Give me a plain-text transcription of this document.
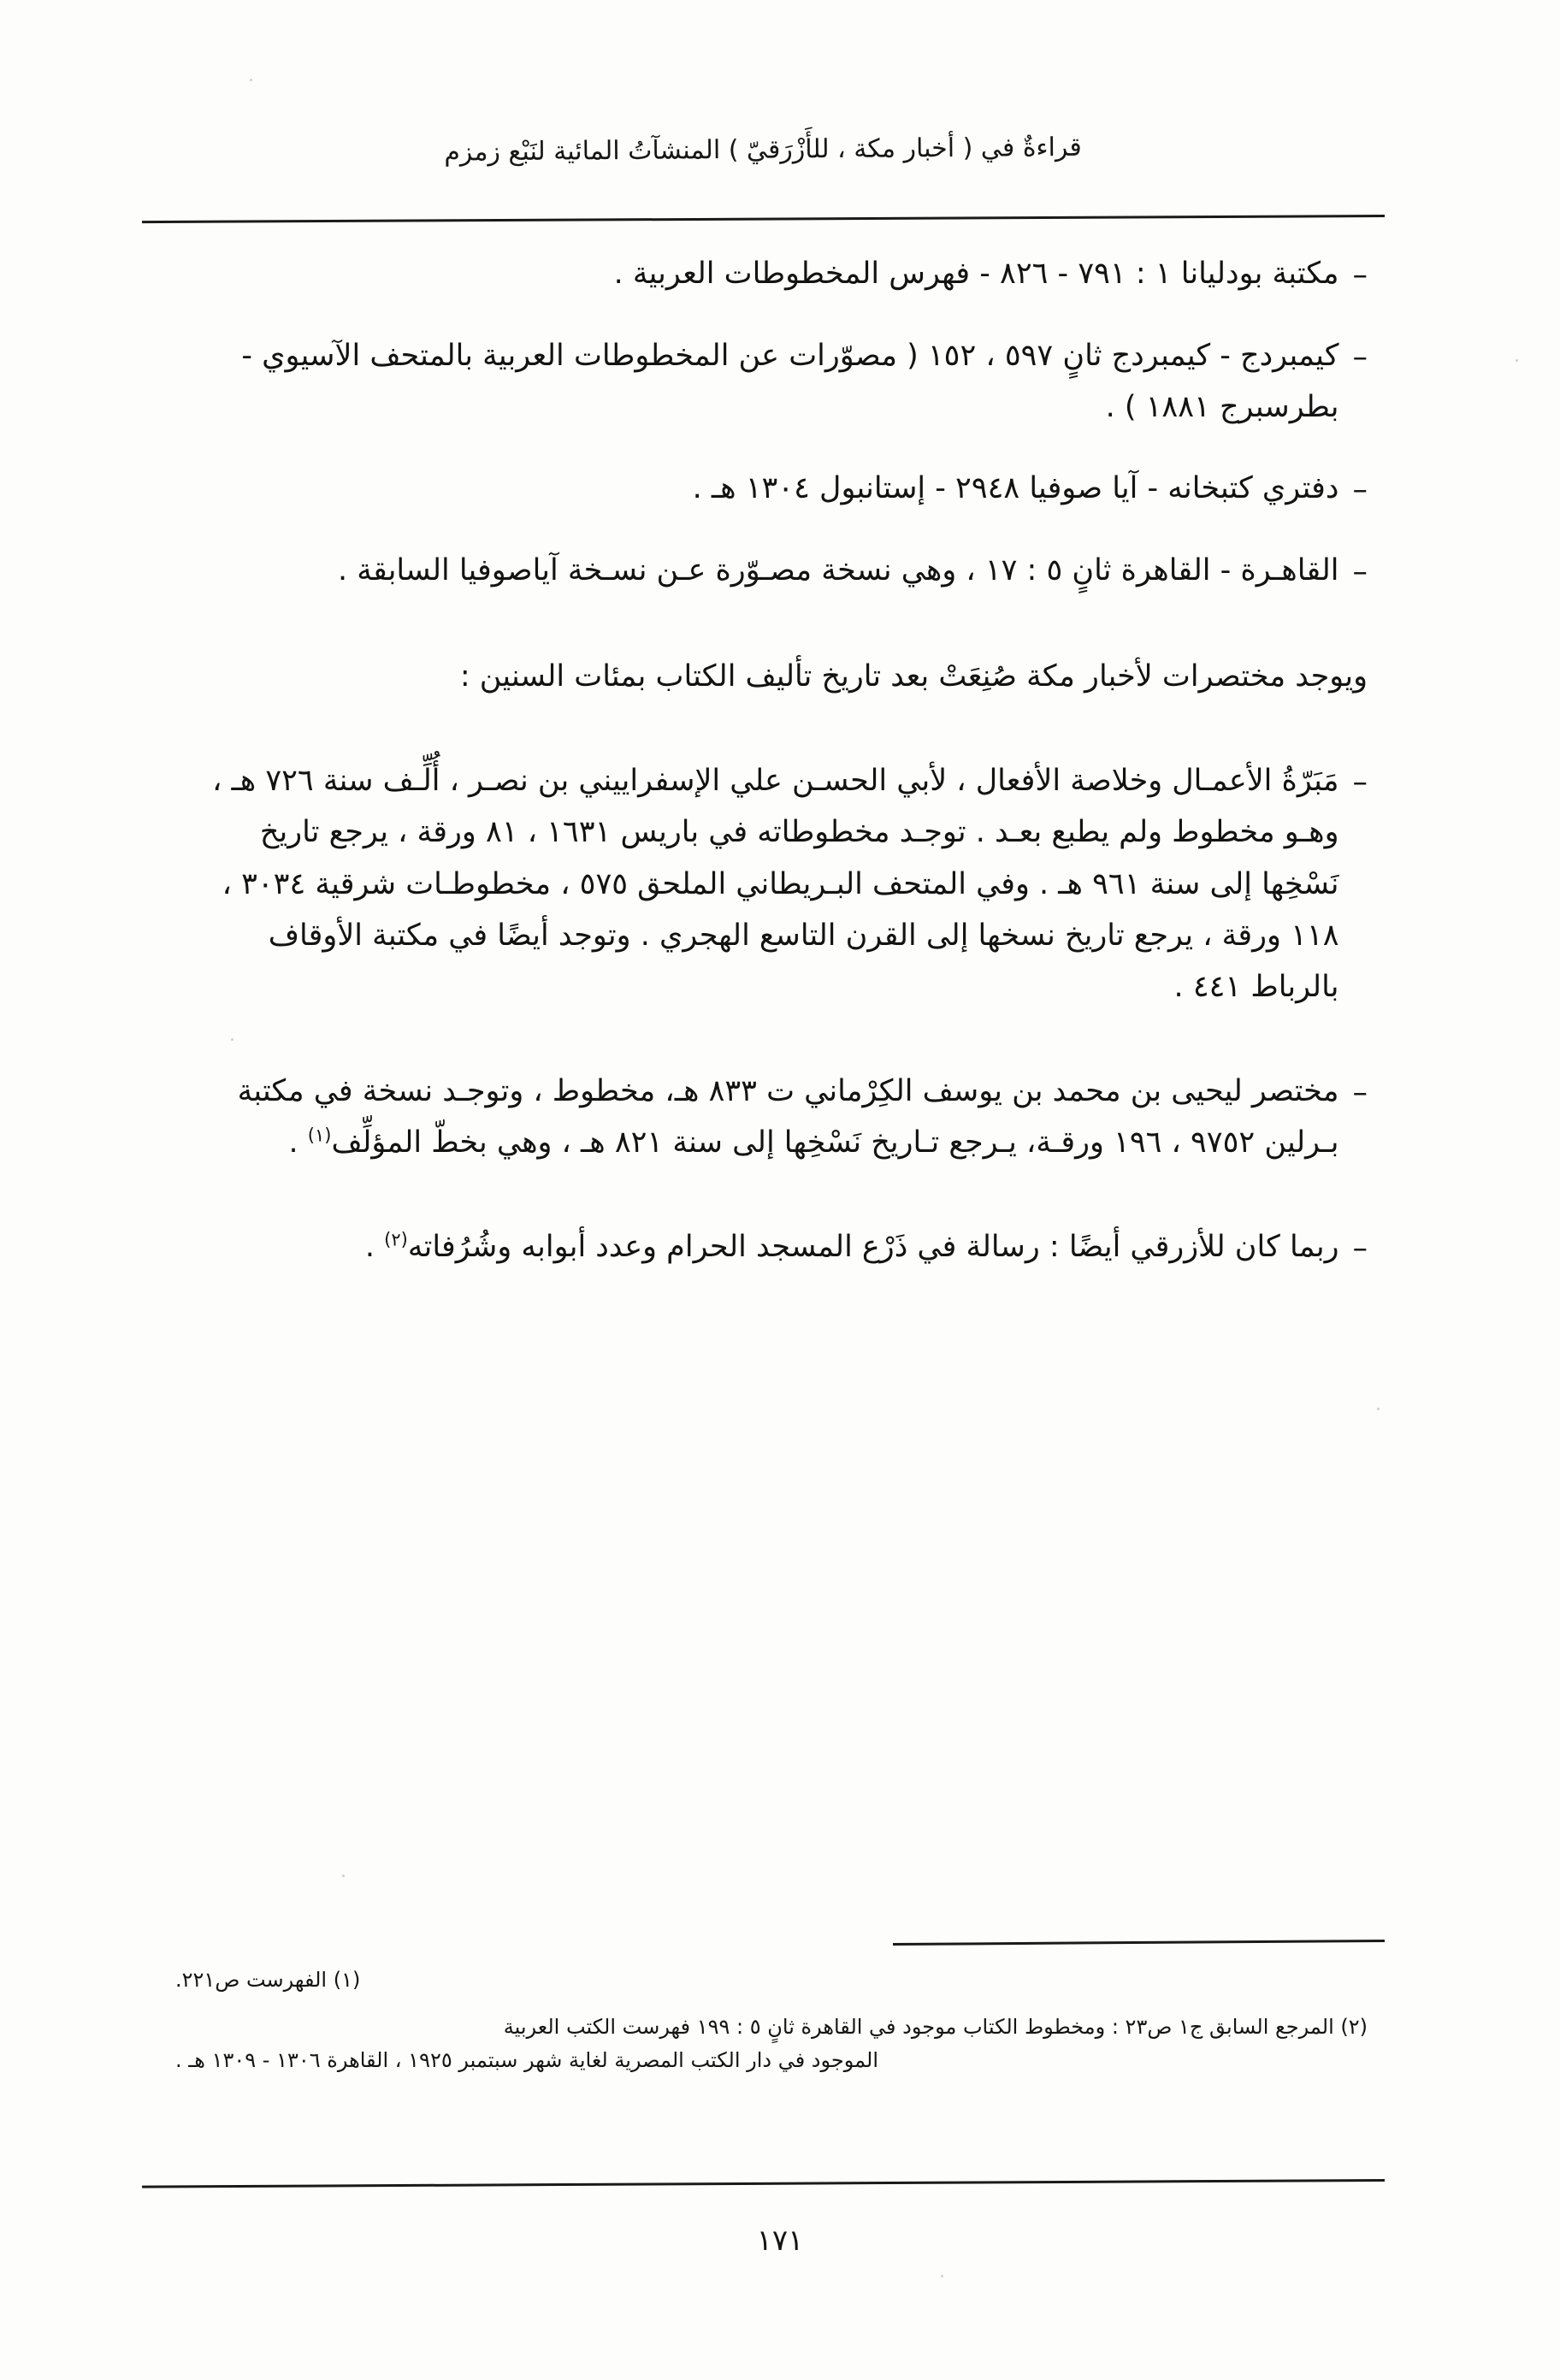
قراءةٌ في ( أخبار مكة ، للأَزْرَقيّ ) المنشآتُ المائية لنَبْع زمزم
–
مكتبة بودليانا ١ : ٧٩١ - ٨٢٦ - فهرس المخطوطات العربية .
–
كيمبردج - كيمبردج ثانٍ ٥٩٧ ، ١٥٢ ( مصوّرات عن المخطوطات العربية بالمتحف الآسيوي - بطرسبرج ١٨٨١ ) .
–
دفتري كتبخانه - آيا صوفيا ٢٩٤٨ - إستانبول ١٣٠٤ هـ .
–
القاهـرة - القاهرة ثانٍ ٥ : ١٧ ، وهي نسخة مصـوّرة عـن نسـخة آياصوفيا السابقة .

ويوجد مختصرات لأخبار مكة صُنِعَتْ بعد تاريخ تأليف الكتاب بمئات السنين :

–
مَبَرّةُ الأعمـال وخلاصة الأفعال ، لأبي الحسـن علي الإسفراييني بن نصـر ، أُلِّـف سنة ٧٢٦ هـ ، وهـو مخطوط ولم يطبع بعـد . توجـد مخطوطاته في باريس ١٦٣١ ، ٨١ ورقة ، يرجع تاريخ نَسْخِها إلى سنة ٩٦١ هـ . وفي المتحف البـريطاني الملحق ٥٧٥ ، مخطوطـات شرقية ٣٠٣٤ ، ١١٨ ورقة ، يرجع تاريخ نسخها إلى القرن التاسع الهجري . وتوجد أيضًا في مكتبة الأوقاف بالرباط ٤٤١ .
–
مختصر ليحيى بن محمد بن يوسف الكِرْماني ت ٨٣٣ هـ، مخطوط ، وتوجـد نسخة في مكتبة بـرلين ٩٧٥٢ ، ١٩٦ ورقـة، يـرجع تـاريخ نَسْخِها إلى سنة ٨٢١ هـ ، وهي بخطّ المؤلِّف$^{(١)}$ .
–
ربما كان للأزرقي أيضًا : رسالة في ذَرْع المسجد الحرام وعدد أبوابه وشُرُفاته$^{(٢)}$ .
(١) الفهرست ص٢٢١.
(٢) المرجع السابق ج١ ص٢٣ : ومخطوط الكتاب موجود في القاهرة ثانٍ ٥ : ١٩٩ فهرست الكتب العربية
الموجود في دار الكتب المصرية لغاية شهر سبتمبر ١٩٢٥ ، القاهرة ١٣٠٦ - ١٣٠٩ هـ .
١٧١
